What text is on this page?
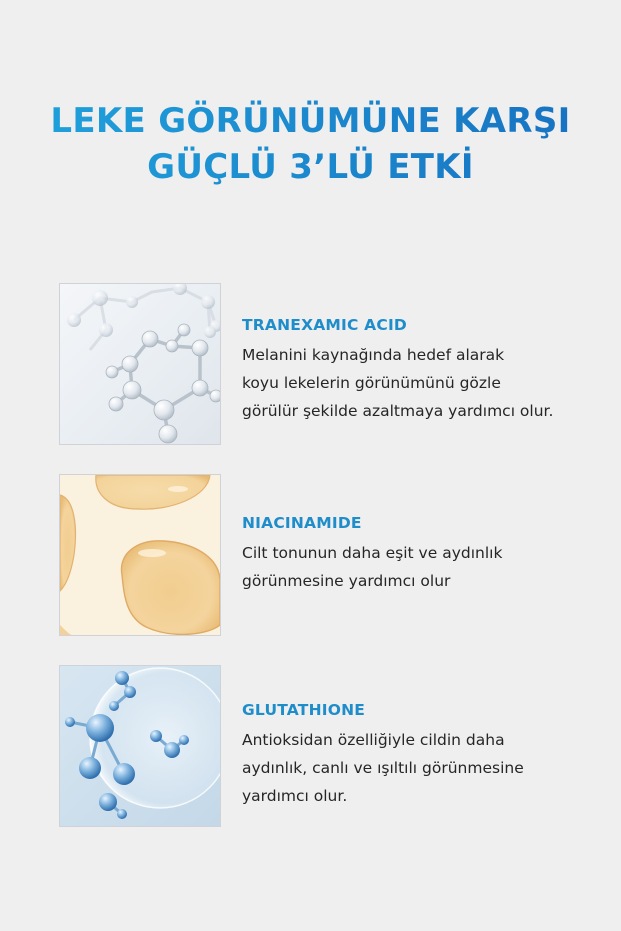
LEKE GÖRÜNÜMÜNE KARŞI
GÜÇLÜ 3’LÜ ETKİ
TRANEXAMIC ACID

Melanini kaynağında hedef alarak
koyu lekelerin görünümünü gözle
görülür şekilde azaltmaya yardımcı olur.

NIACINAMIDE

Cilt tonunun daha eşit ve aydınlık
görünmesine yardımcı olur

GLUTATHIONE

Antioksidan özelliğiyle cildin daha
aydınlık, canlı ve ışıltılı görünmesine
yardımcı olur.
